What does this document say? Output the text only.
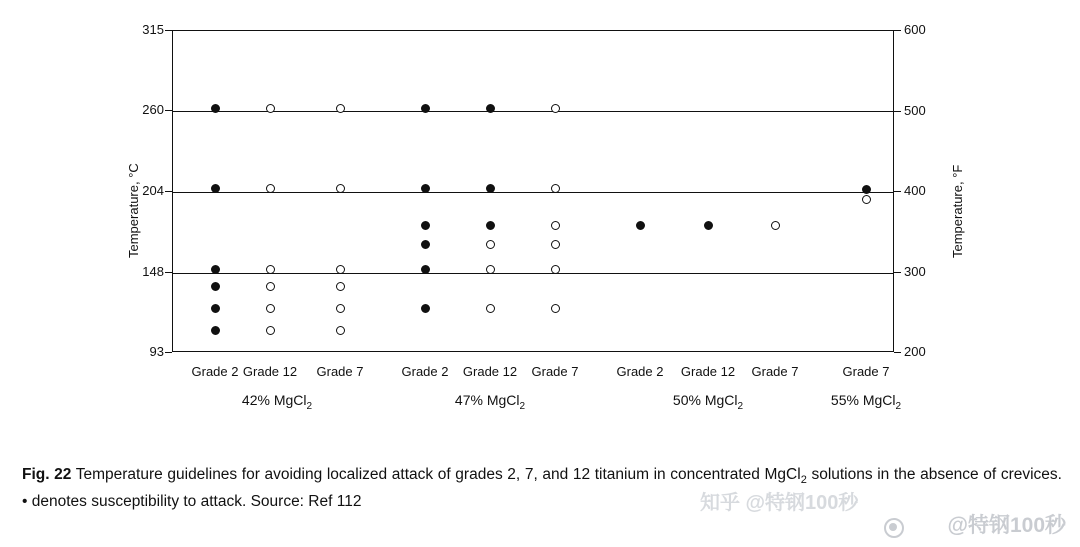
Temperature, °C	Temperature, °F
93
148
204
260
315
200
300
400
500
600
Grade 2 Grade 12 Grade 7
42% MgCl$_2$
Grade 2 Grade 12 Grade 7
47% MgCl$_2$
Grade 2 Grade 12 Grade 7
50% MgCl$_2$
Grade 7
55% MgCl$_2$
Fig. 22 Temperature guidelines for avoiding localized attack of grades 2, 7, and 12 titanium in concentrated MgCl$_2$ solutions in the absence of crevices. • denotes susceptibility to attack. Source: Ref 112	知乎 @特钢100秒
@特钢100秒
